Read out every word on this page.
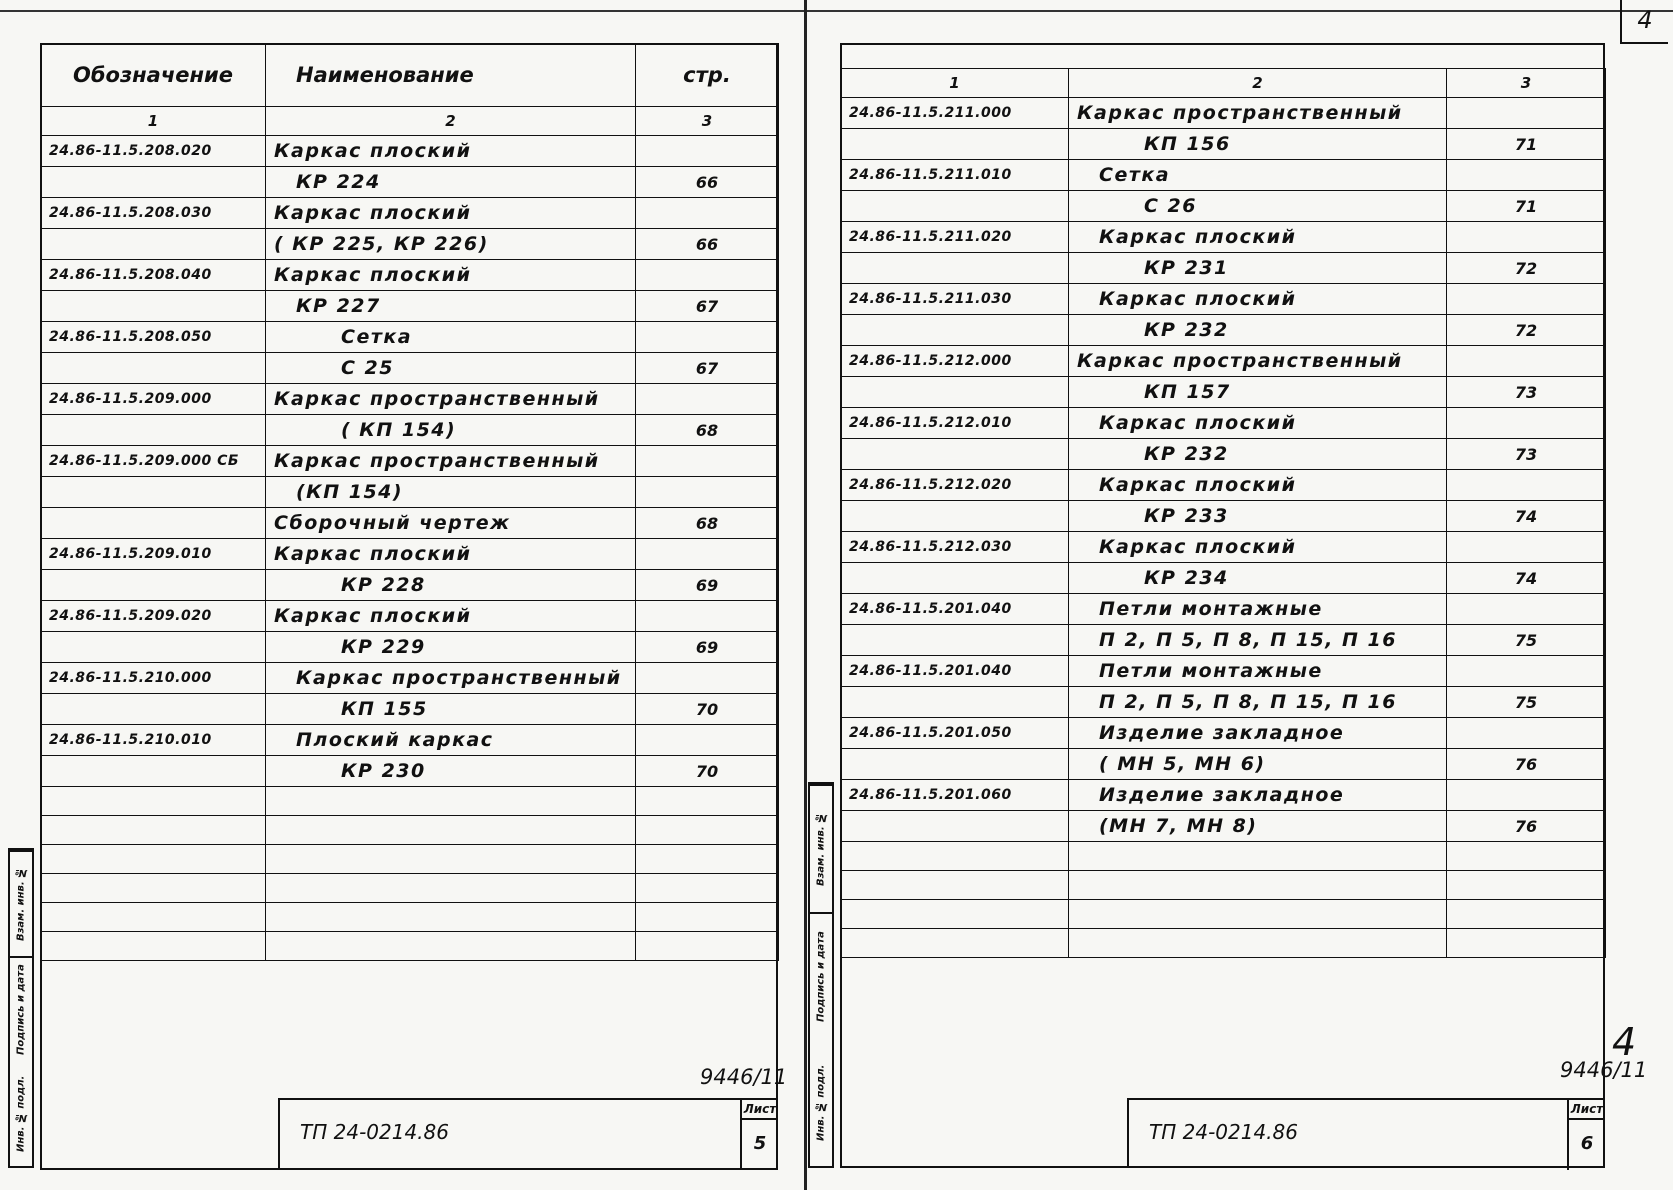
4
Обозначение	Наименование	стр.
1	2	3
24.86-11.5.208.020	Каркас плоский	
	КР 224	66
24.86-11.5.208.030	Каркас плоский	
	( КР 225, КР 226)	66
24.86-11.5.208.040	Каркас плоский	
	КР 227	67
24.86-11.5.208.050	Сетка	
	С 25	67
24.86-11.5.209.000	Каркас пространственный	
	( КП 154)	68
24.86-11.5.209.000 СБ	Каркас пространственный	
	(КП 154)	
	Сборочный чертеж	68
24.86-11.5.209.010	Каркас плоский	
	КР 228	69
24.86-11.5.209.020	Каркас плоский	
	КР 229	69
24.86-11.5.210.000	Каркас пространственный	
	КП 155	70
24.86-11.5.210.010	Плоский каркас	
	КР 230	70

Взам. инв. №
Подпись и дата
Инв. № подл.	9446/11
ТП 24-0214.86
Лист
5
1	2	3
24.86-11.5.211.000	Каркас пространственный	
	КП 156	71
24.86-11.5.211.010	Сетка	
	С 26	71
24.86-11.5.211.020	Каркас плоский	
	КР 231	72
24.86-11.5.211.030	Каркас плоский	
	КР 232	72
24.86-11.5.212.000	Каркас пространственный	
	КП 157	73
24.86-11.5.212.010	Каркас плоский	
	КР 232	73
24.86-11.5.212.020	Каркас плоский	
	КР 233	74
24.86-11.5.212.030	Каркас плоский	
	КР 234	74
24.86-11.5.201.040	Петли монтажные	
	П 2, П 5, П 8, П 15, П 16	75
24.86-11.5.201.040	Петли монтажные	
	П 2, П 5, П 8, П 15, П 16	75
24.86-11.5.201.050	Изделие закладное	
	( МН 5, МН 6)	76
24.86-11.5.201.060	Изделие закладное	
	(МН 7, МН 8)	76

Взам. инв. №
Подпись и дата
Инв. № подл.
4
9446/11
ТП 24-0214.86
Лист
6
